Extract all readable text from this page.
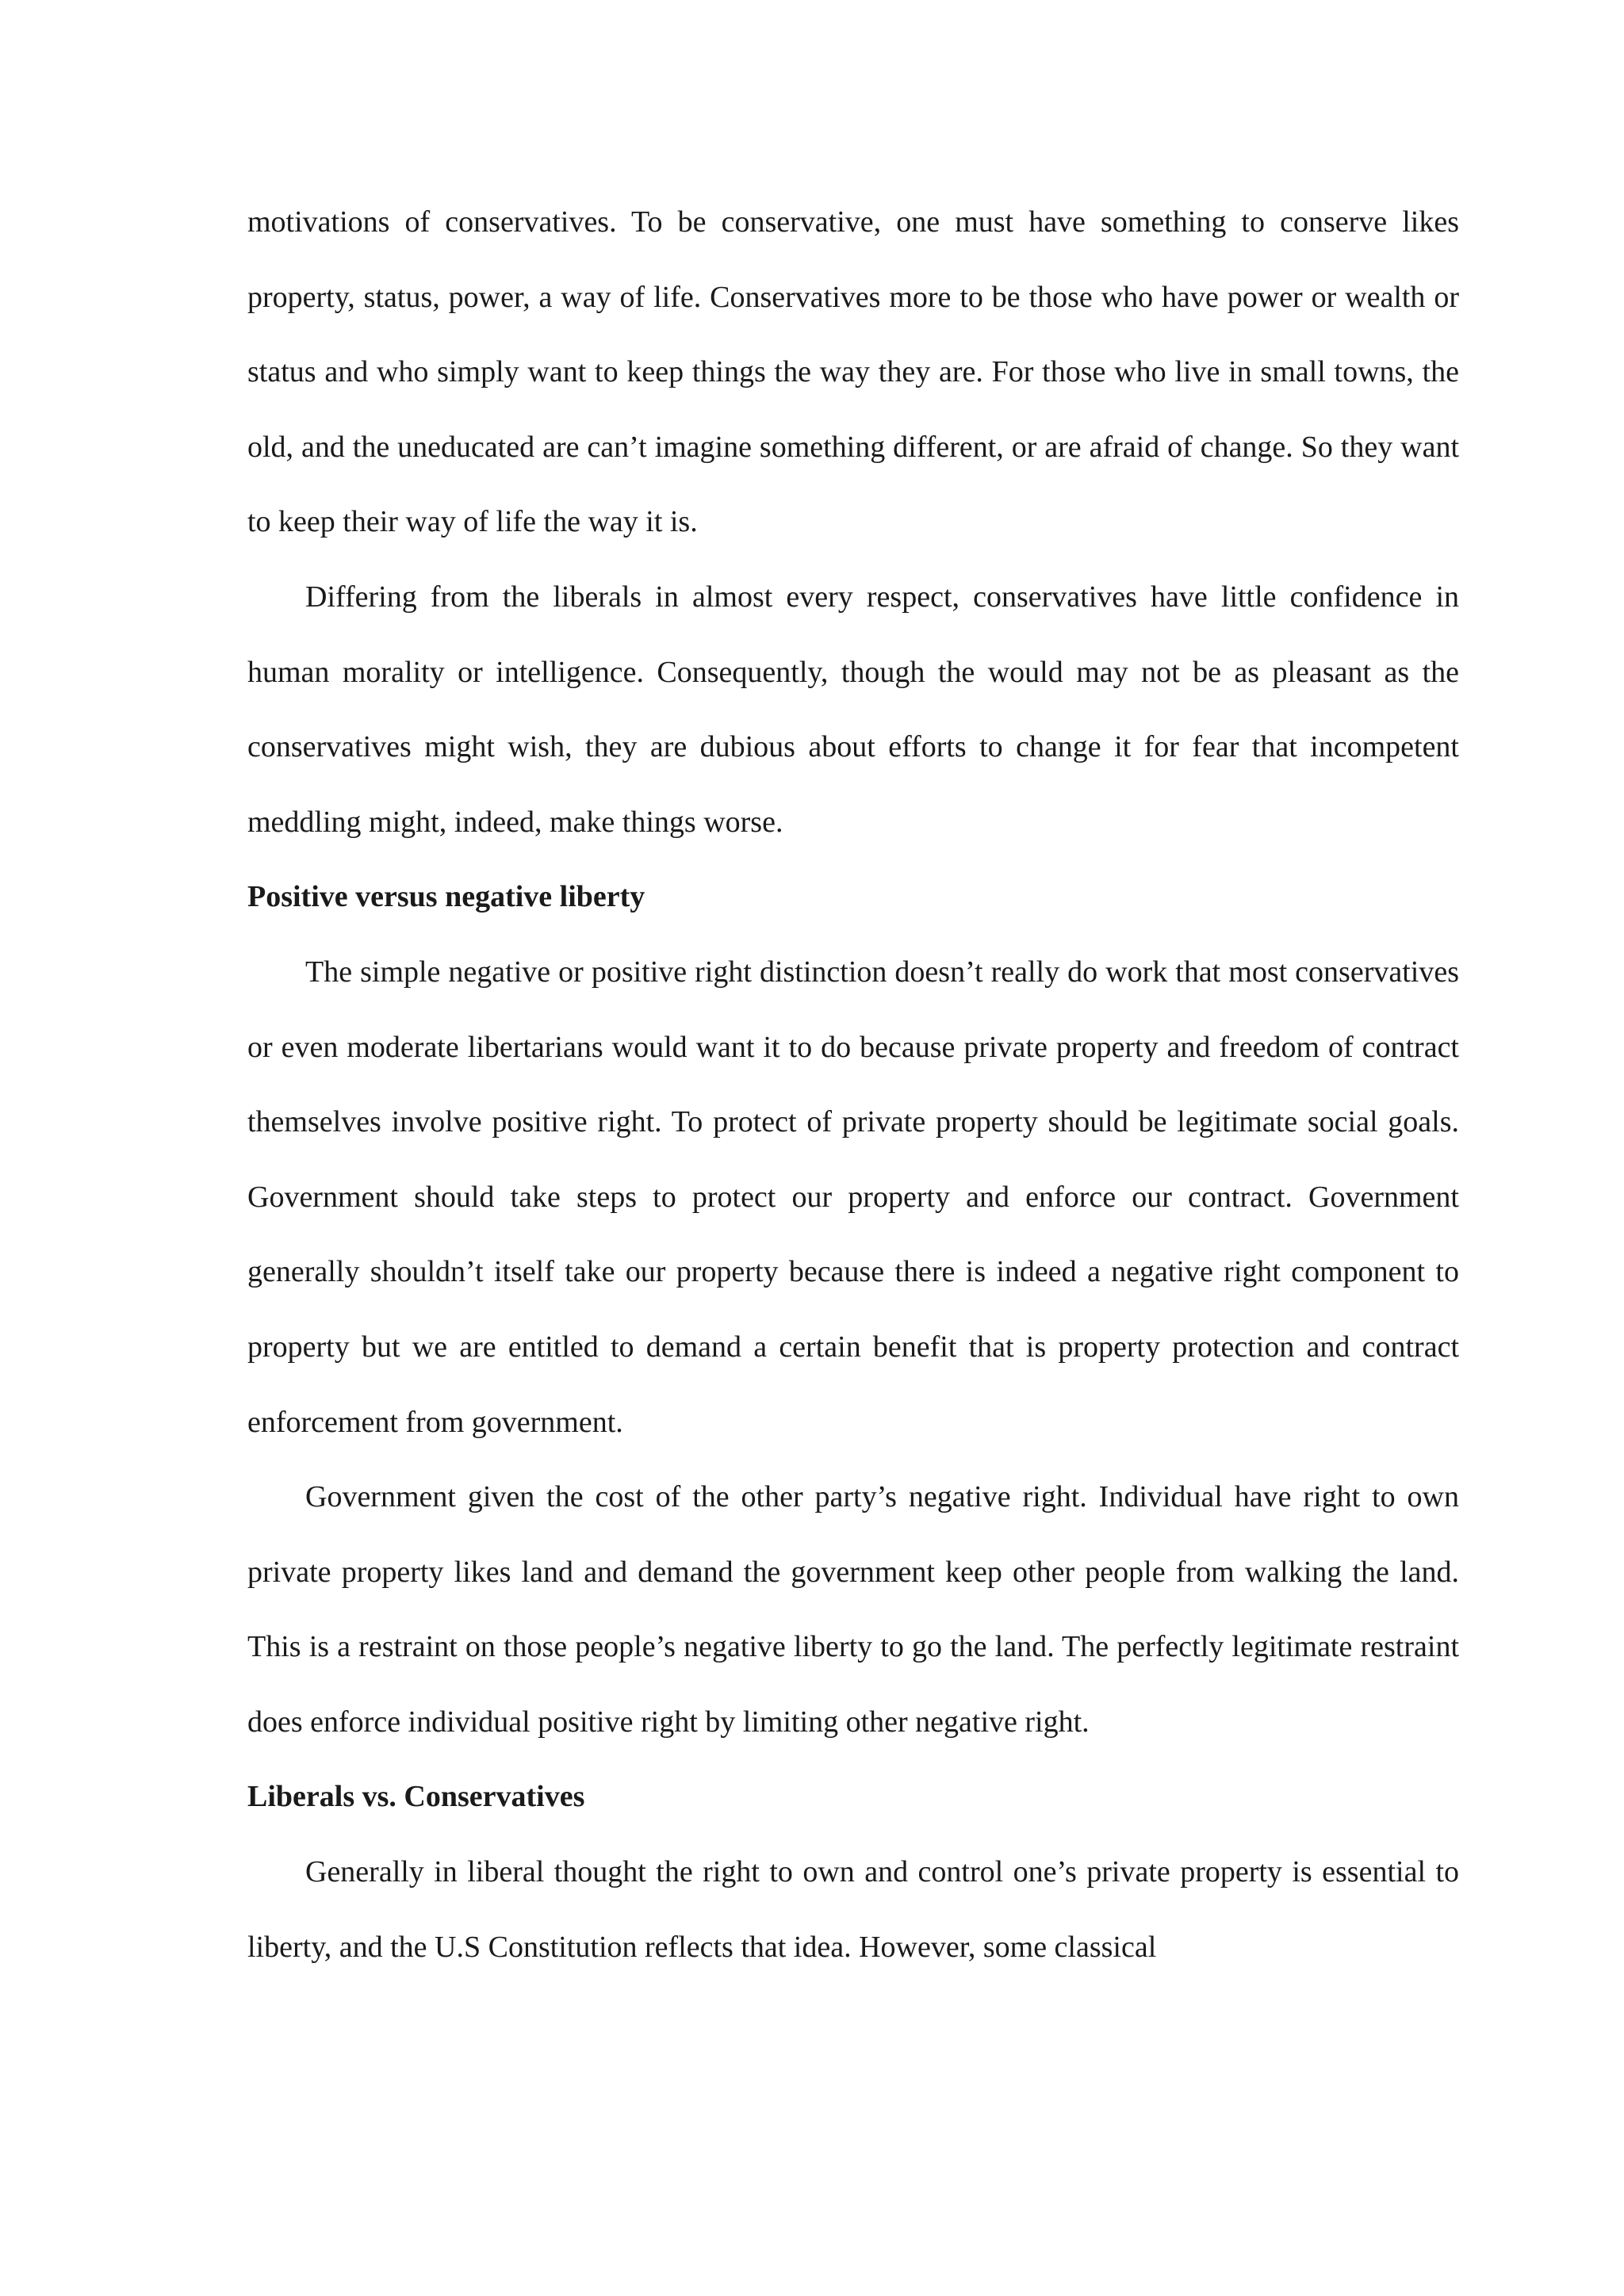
motivations of conservatives. To be conservative, one must have something to conserve likes property, status, power, a way of life. Conservatives more to be those who have power or wealth or status and who simply want to keep things the way they are. For those who live in small towns, the old, and the uneducated are can’t imagine something different, or are afraid of change. So they want to keep their way of life the way it is.

Differing from the liberals in almost every respect, conservatives have little confidence in human morality or intelligence. Consequently, though the would may not be as pleasant as the conservatives might wish, they are dubious about efforts to change it for fear that incompetent meddling might, indeed, make things worse.

Positive versus negative liberty

The simple negative or positive right distinction doesn’t really do work that most conservatives or even moderate libertarians would want it to do because private property and freedom of contract themselves involve positive right. To protect of private property should be legitimate social goals. Government should take steps to protect our property and enforce our contract. Government generally shouldn’t itself take our property because there is indeed a negative right component to property but we are entitled to demand a certain benefit that is property protection and contract enforcement from government.

Government given the cost of the other party’s negative right. Individual have right to own private property likes land and demand the government keep other people from walking the land. This is a restraint on those people’s negative liberty to go the land. The perfectly legitimate restraint does enforce individual positive right by limiting other negative right.

Liberals vs. Conservatives

Generally in liberal thought the right to own and control one’s private property is essential to liberty, and the U.S Constitution reflects that idea. However, some classical
